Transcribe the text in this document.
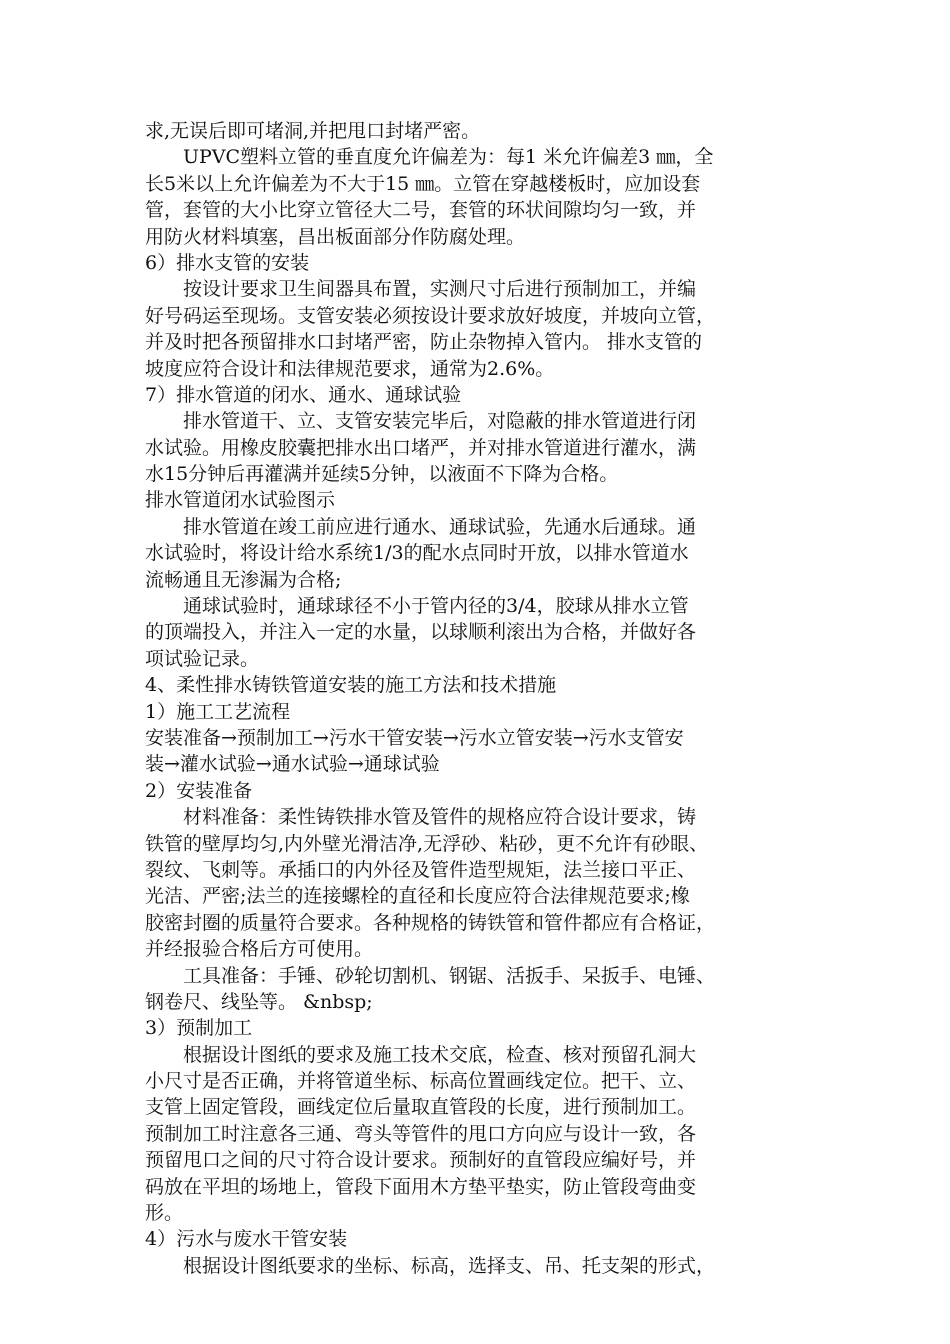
求,无误后即可堵洞,并把甩口封堵严密。
UPVC塑料立管的垂直度允许偏差为：每1 米允许偏差3 ㎜，全
长5米以上允许偏差为不大于15 ㎜。立管在穿越楼板时，应加设套
管，套管的大小比穿立管径大二号，套管的环状间隙均匀一致，并
用防火材料填塞，昌出板面部分作防腐处理。
6）排水支管的安装
按设计要求卫生间器具布置，实测尺寸后进行预制加工，并编
好号码运至现场。支管安装必须按设计要求放好坡度，并坡向立管，
并及时把各预留排水口封堵严密，防止杂物掉入管内。 排水支管的
坡度应符合设计和法律规范要求，通常为2.6%。
7）排水管道的闭水、通水、通球试验
排水管道干、立、支管安装完毕后，对隐蔽的排水管道进行闭
水试验。用橡皮胶囊把排水出口堵严，并对排水管道进行灌水，满
水15分钟后再灌满并延续5分钟，以液面不下降为合格。
排水管道闭水试验图示
排水管道在竣工前应进行通水、通球试验，先通水后通球。通
水试验时，将设计给水系统1/3的配水点同时开放，以排水管道水
流畅通且无渗漏为合格;
通球试验时，通球球径不小于管内径的3/4，胶球从排水立管
的顶端投入，并注入一定的水量，以球顺利滚出为合格，并做好各
项试验记录。
4、柔性排水铸铁管道安装的施工方法和技术措施
1）施工工艺流程
安装准备→预制加工→污水干管安装→污水立管安装→污水支管安
装→灌水试验→通水试验→通球试验
2）安装准备
材料准备：柔性铸铁排水管及管件的规格应符合设计要求，铸
铁管的壁厚均匀,内外壁光滑洁净,无浮砂、粘砂，更不允许有砂眼、
裂纹、飞刺等。承插口的内外径及管件造型规矩，法兰接口平正、
光洁、严密;法兰的连接螺栓的直径和长度应符合法律规范要求;橡
胶密封圈的质量符合要求。各种规格的铸铁管和管件都应有合格证，
并经报验合格后方可使用。
工具准备：手锤、砂轮切割机、钢锯、活扳手、呆扳手、电锤、
钢卷尺、线坠等。 &nbsp;
3）预制加工
根据设计图纸的要求及施工技术交底，检查、核对预留孔洞大
小尺寸是否正确，并将管道坐标、标高位置画线定位。把干、立、
支管上固定管段，画线定位后量取直管段的长度，进行预制加工。
预制加工时注意各三通、弯头等管件的甩口方向应与设计一致，各
预留甩口之间的尺寸符合设计要求。预制好的直管段应编好号，并
码放在平坦的场地上，管段下面用木方垫平垫实，防止管段弯曲变
形。
4）污水与废水干管安装
根据设计图纸要求的坐标、标高，选择支、吊、托支架的形式，
